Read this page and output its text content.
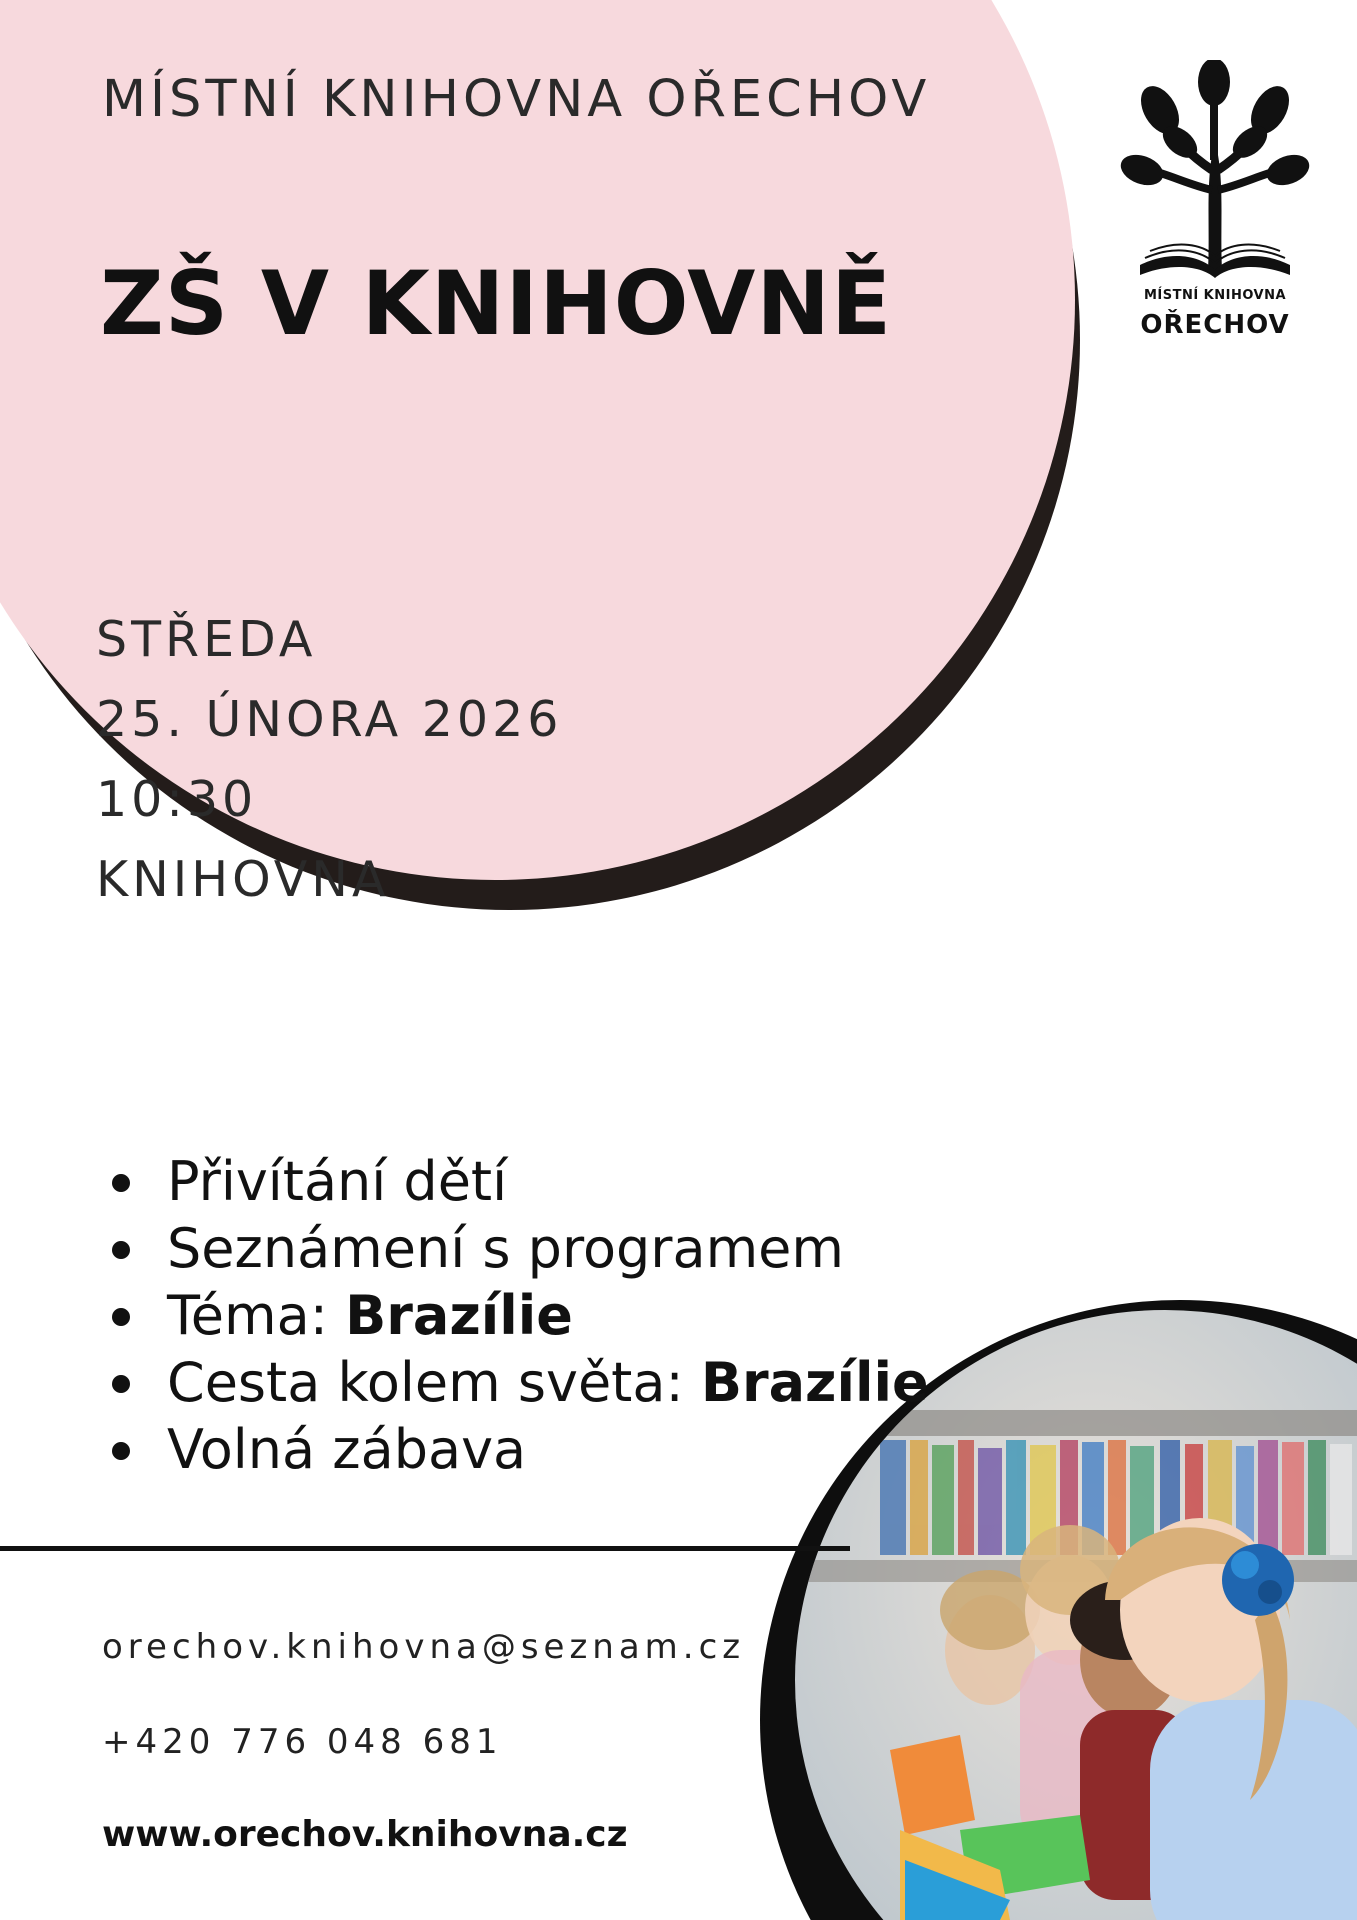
MÍSTNÍ KNIHOVNA OŘECHOV
ZŠ V KNIHOVNĚ
STŘEDA
25. ÚNORA 2026
10:30
KNIHOVNA
MÍSTNÍ KNIHOVNA
OŘECHOV
Přivítání dětí
Seznámení s programem
Téma: Brazílie
Cesta kolem světa: Brazílie
Volná zábava
orechov.knihovna@seznam.cz
+420 776 048 681
www.orechov.knihovna.cz
